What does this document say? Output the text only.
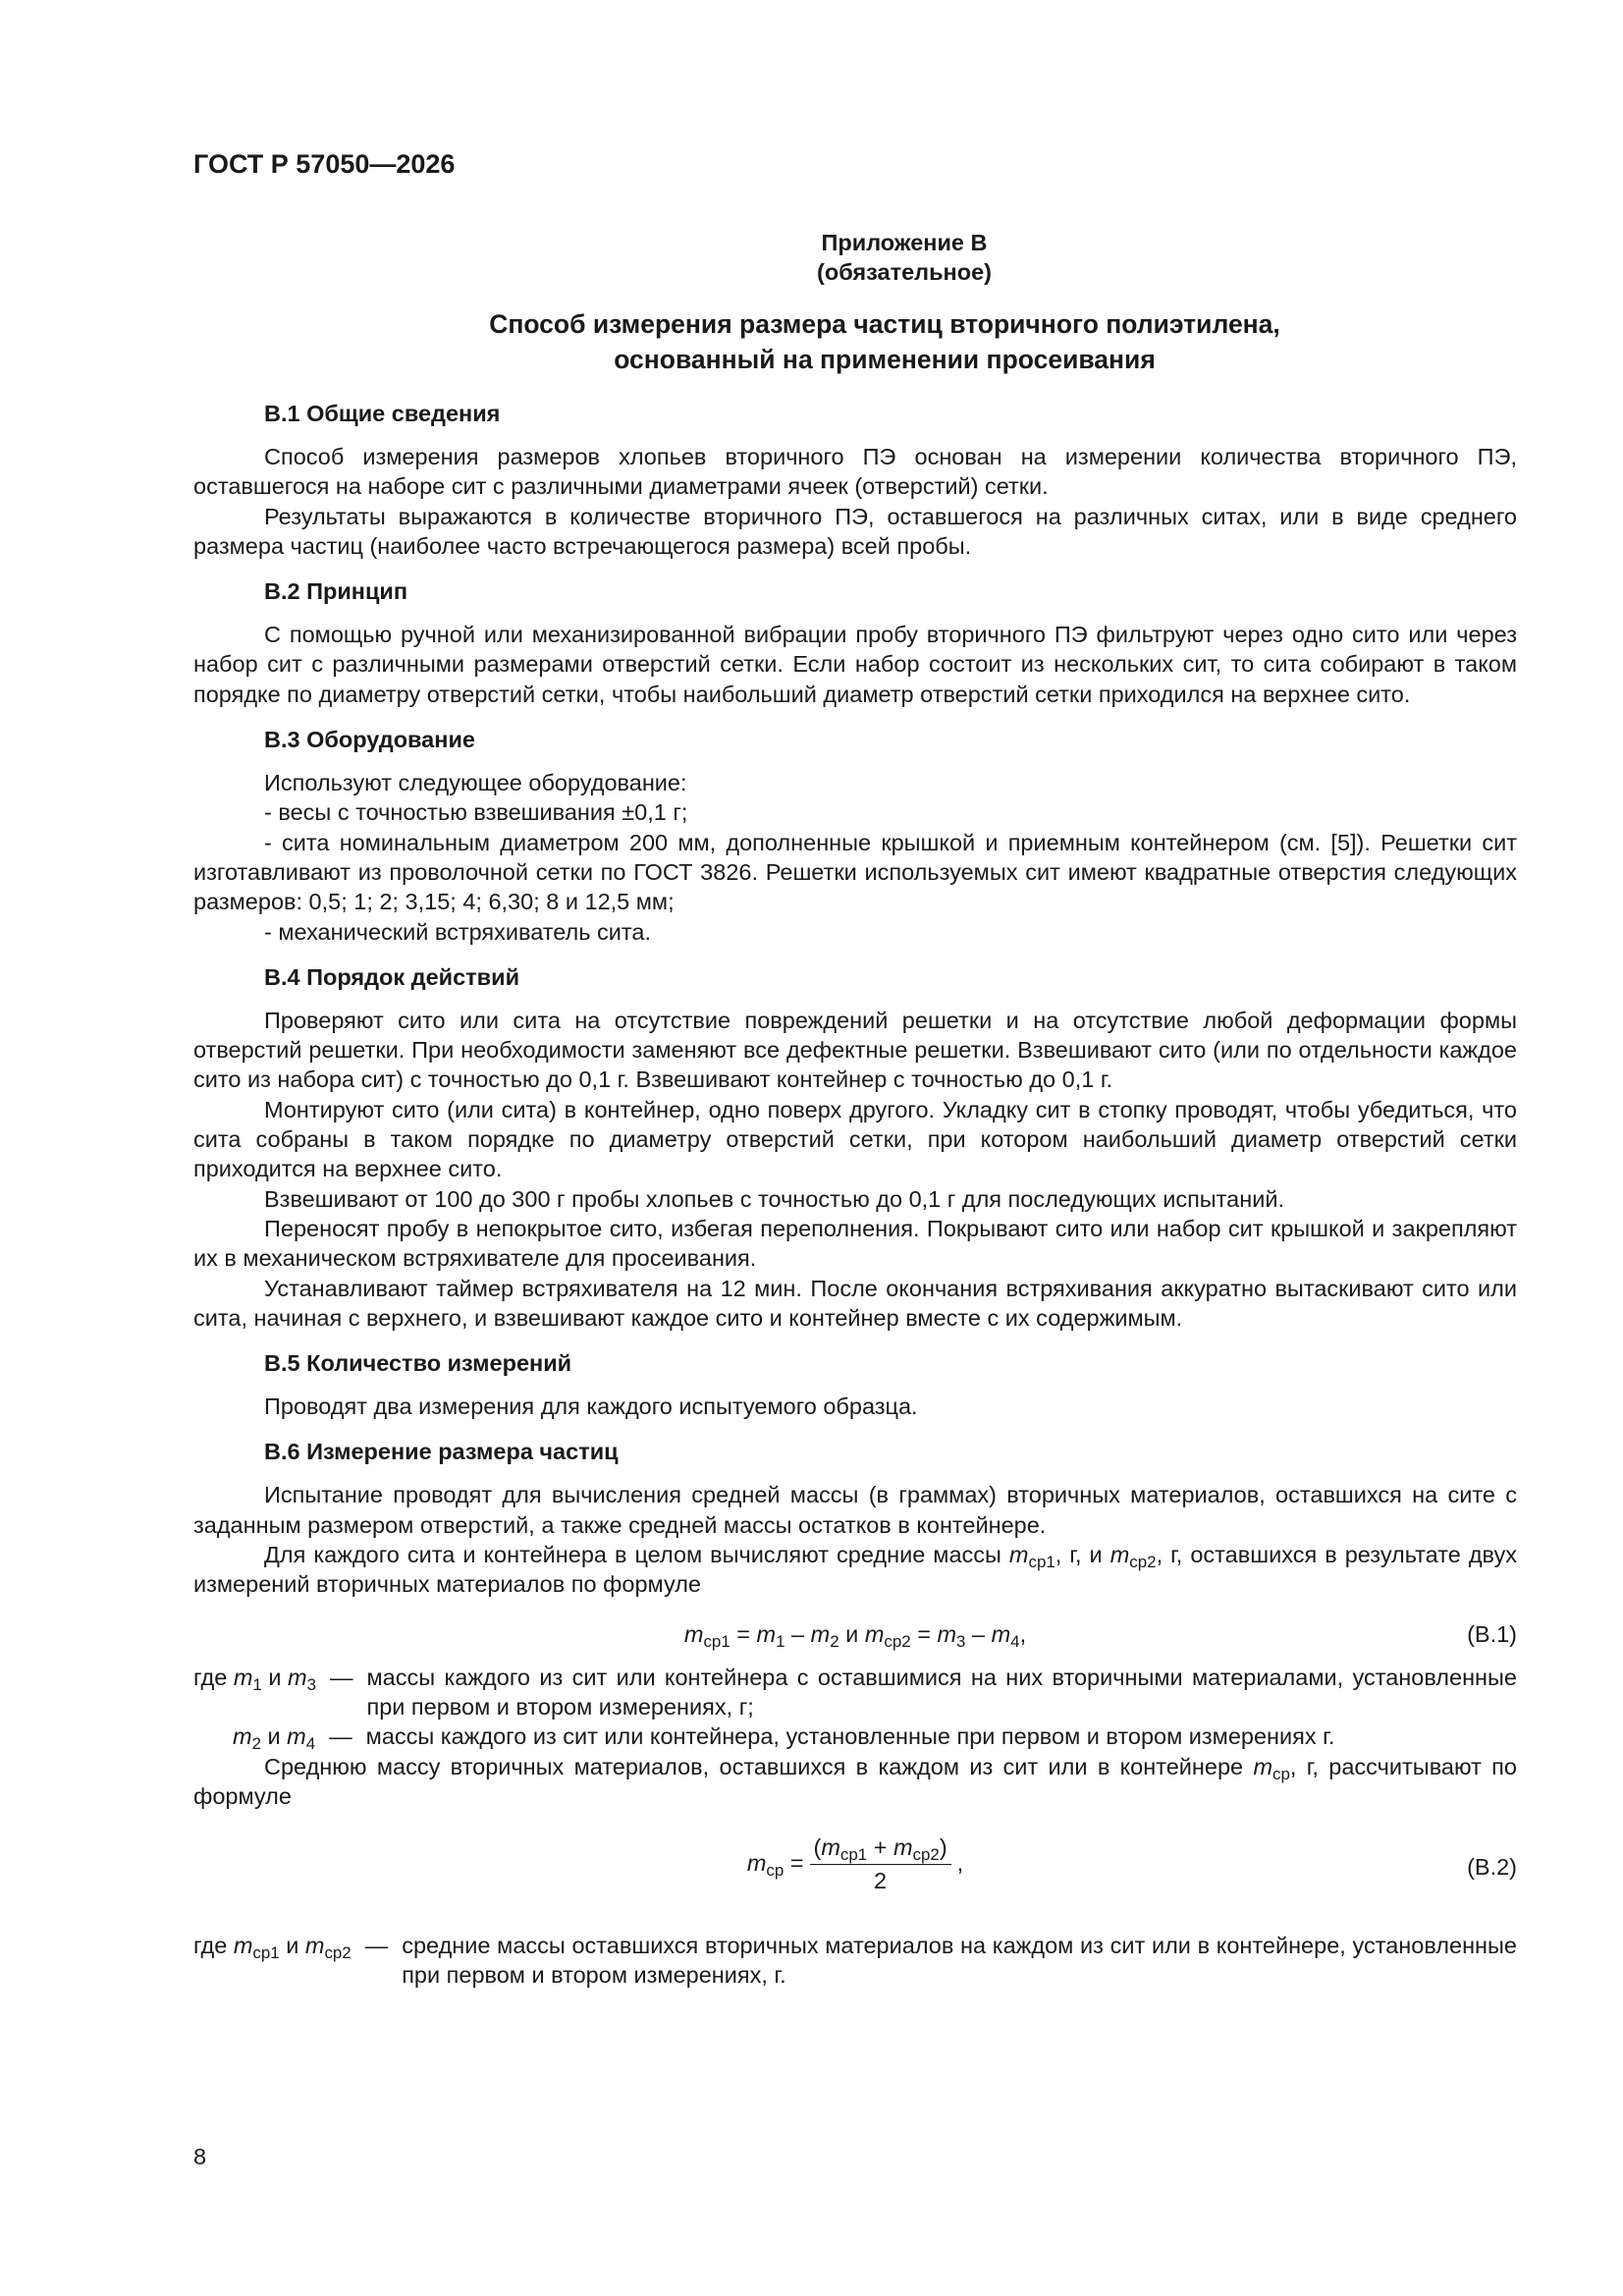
ГОСТ Р 57050—2026
Приложение В
(обязательное)
Способ измерения размера частиц вторичного полиэтилена,
основанный на применении просеивания
В.1 Общие сведения

Способ измерения размеров хлопьев вторичного ПЭ основан на измерении количества вторичного ПЭ, оставшегося на наборе сит с различными диаметрами ячеек (отверстий) сетки.

Результаты выражаются в количестве вторичного ПЭ, оставшегося на различных ситах, или в виде среднего размера частиц (наиболее часто встречающегося размера) всей пробы.

В.2 Принцип

С помощью ручной или механизированной вибрации пробу вторичного ПЭ фильтруют через одно сито или через набор сит с различными размерами отверстий сетки. Если набор состоит из нескольких сит, то сита собирают в таком порядке по диаметру отверстий сетки, чтобы наибольший диаметр отверстий сетки приходился на верхнее сито.

В.3 Оборудование
Используют следующее оборудование:
- весы с точностью взвешивания ±0,1 г;
- сита номинальным диаметром 200 мм, дополненные крышкой и приемным контейнером (см. [5]). Решетки сит изготавливают из проволочной сетки по ГОСТ 3826. Решетки используемых сит имеют квадратные отверстия следующих размеров: 0,5; 1; 2; 3,15; 4; 6,30; 8 и 12,5 мм;
- механический встряхиватель сита.
В.4 Порядок действий

Проверяют сито или сита на отсутствие повреждений решетки и на отсутствие любой деформации формы отверстий решетки. При необходимости заменяют все дефектные решетки. Взвешивают сито (или по отдельности каждое сито из набора сит) с точностью до 0,1 г. Взвешивают контейнер с точностью до 0,1 г.

Монтируют сито (или сита) в контейнер, одно поверх другого. Укладку сит в стопку проводят, чтобы убедиться, что сита собраны в таком порядке по диаметру отверстий сетки, при котором наибольший диаметр отверстий сетки приходится на верхнее сито.

Взвешивают от 100 до 300 г пробы хлопьев с точностью до 0,1 г для последующих испытаний.

Переносят пробу в непокрытое сито, избегая переполнения. Покрывают сито или набор сит крышкой и закрепляют их в механическом встряхивателе для просеивания.

Устанавливают таймер встряхивателя на 12 мин. После окончания встряхивания аккуратно вытаскивают сито или сита, начиная с верхнего, и взвешивают каждое сито и контейнер вместе с их содержимым.

В.5 Количество измерений

Проводят два измерения для каждого испытуемого образца.

В.6 Измерение размера частиц

Испытание проводят для вычисления средней массы (в граммах) вторичных материалов, оставшихся на сите с заданным размером отверстий, а также средней массы остатков в контейнере.

Для каждого сита и контейнера в целом вычисляют средние массы $m_{ср1}$, г, и $m_{ср2}$, г, оставшихся в результате двух измерений вторичных материалов по формуле

$m_{ср1} = m_1 - m_2$ и $m_{ср2} = m_3 - m_4$,	(В.1)
где $m_1$ и $m_3$ — массы каждого из сит или контейнера с оставшимися на них вторичными материалами, установленные при первом и втором измерениях, г;
$m_2$ и $m_4$ — массы каждого из сит или контейнера, установленные при первом и втором измерениях г.

Среднюю массу вторичных материалов, оставшихся в каждом из сит или в контейнере $m_{ср}$, г, рассчитывают по формуле

$m_{ср} = \frac{(m_{ср1} + m_{ср2})}{2}$ ,	(В.2)
где $m_{ср1}$ и $m_{ср2}$ — средние массы оставшихся вторичных материалов на каждом из сит или в контейнере, установленные при первом и втором измерениях, г.
8
